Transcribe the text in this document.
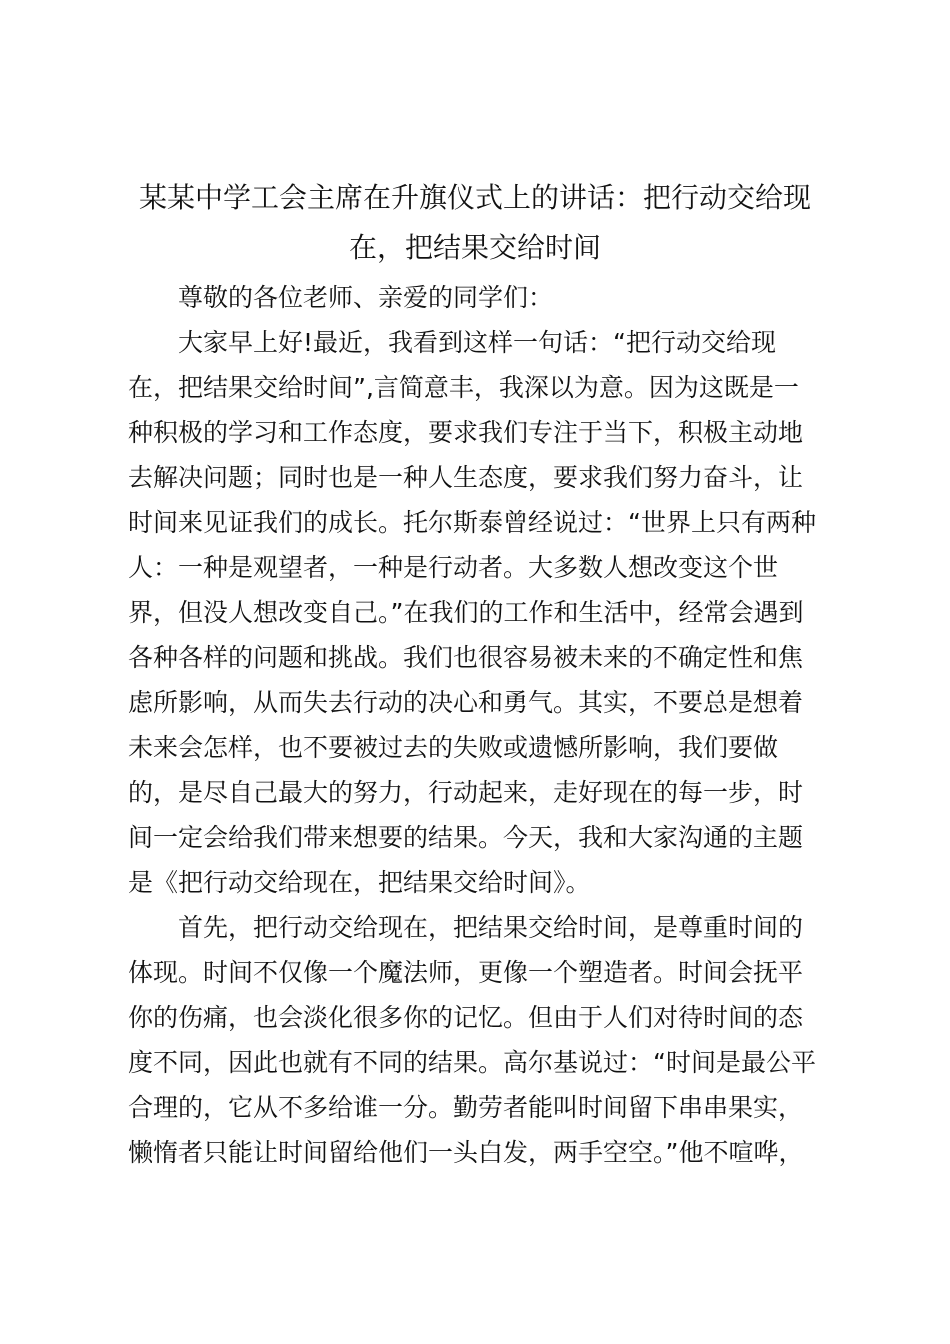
某某中学工会主席在升旗仪式上的讲话：把行动交给现
在，把结果交给时间
尊敬的各位老师、亲爱的同学们：
大家早上好!最近，我看到这样一句话：“把行动交给现
在，把结果交给时间”,言简意丰，我深以为意。因为这既是一
种积极的学习和工作态度，要求我们专注于当下，积极主动地
去解决问题；同时也是一种人生态度，要求我们努力奋斗，让
时间来见证我们的成长。托尔斯泰曾经说过：“世界上只有两种
人：一种是观望者，一种是行动者。大多数人想改变这个世
界，但没人想改变自己。”在我们的工作和生活中，经常会遇到
各种各样的问题和挑战。我们也很容易被未来的不确定性和焦
虑所影响，从而失去行动的决心和勇气。其实，不要总是想着
未来会怎样，也不要被过去的失败或遗憾所影响，我们要做
的，是尽自己最大的努力，行动起来，走好现在的每一步，时
间一定会给我们带来想要的结果。今天，我和大家沟通的主题
是《把行动交给现在，把结果交给时间》。
首先，把行动交给现在，把结果交给时间，是尊重时间的
体现。时间不仅像一个魔法师，更像一个塑造者。时间会抚平
你的伤痛，也会淡化很多你的记忆。但由于人们对待时间的态
度不同，因此也就有不同的结果。高尔基说过：“时间是最公平
合理的，它从不多给谁一分。勤劳者能叫时间留下串串果实，
懒惰者只能让时间留给他们一头白发，两手空空。”他不喧哗，
